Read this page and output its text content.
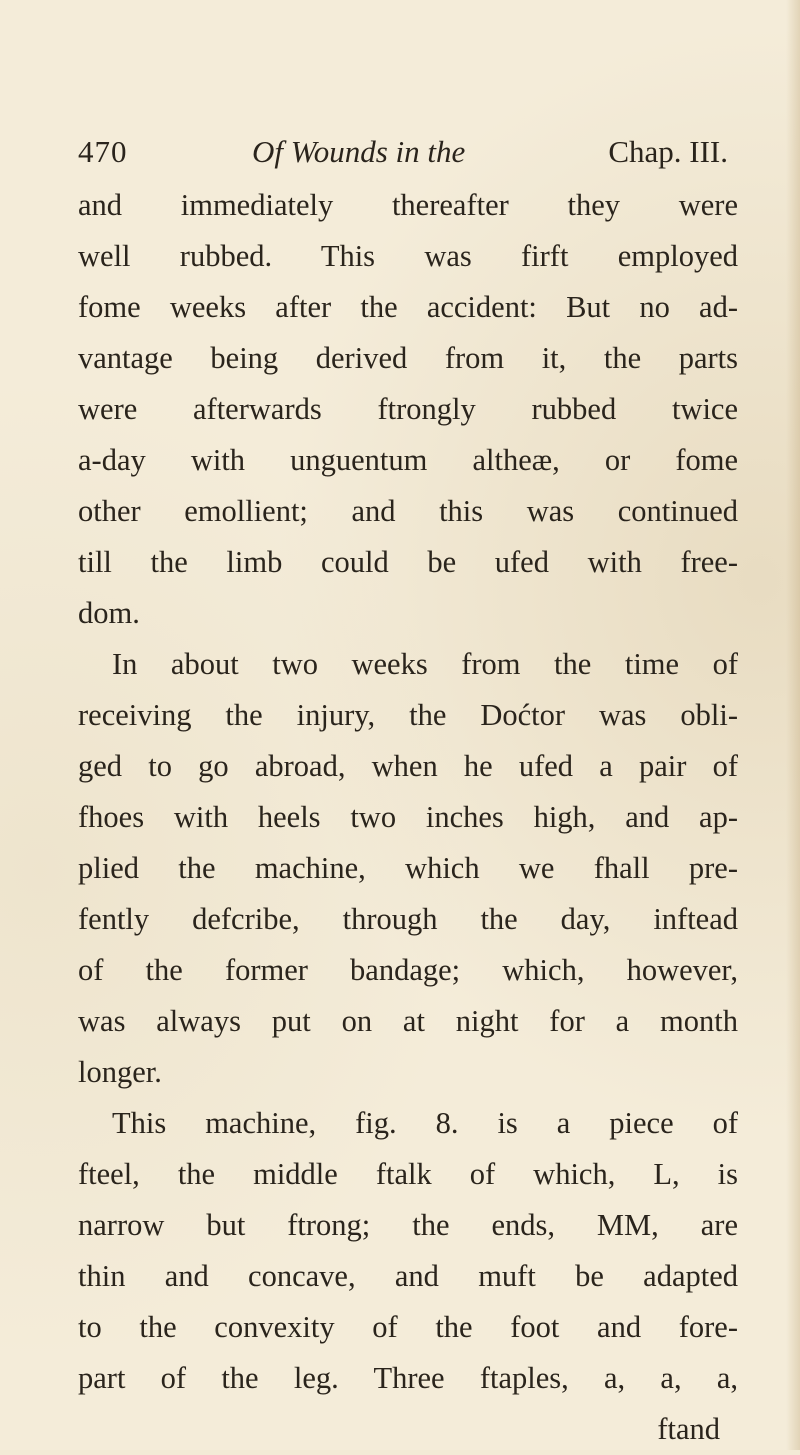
470	Of Wounds in the	Chap. III.
and immediately thereafter they were
well rubbed. This was firft employed
fome weeks after the accident: But no ad-
vantage being derived from it, the parts
were afterwards ftrongly rubbed twice
a-day with unguentum altheæ, or fome
other emollient; and this was continued
till the limb could be ufed with free-
dom.
In about two weeks from the time of
receiving the injury, the Doćtor was obli-
ged to go abroad, when he ufed a pair of
fhoes with heels two inches high, and ap-
plied the machine, which we fhall pre-
fently defcribe, through the day, inftead
of the former bandage; which, however,
was always put on at night for a month
longer.
This machine, fig. 8. is a piece of
fteel, the middle ftalk of which, L, is
narrow but ftrong; the ends, MM, are
thin and concave, and muft be adapted
to the convexity of the foot and fore-
part of the leg. Three ftaples, a, a, a,
ftand
